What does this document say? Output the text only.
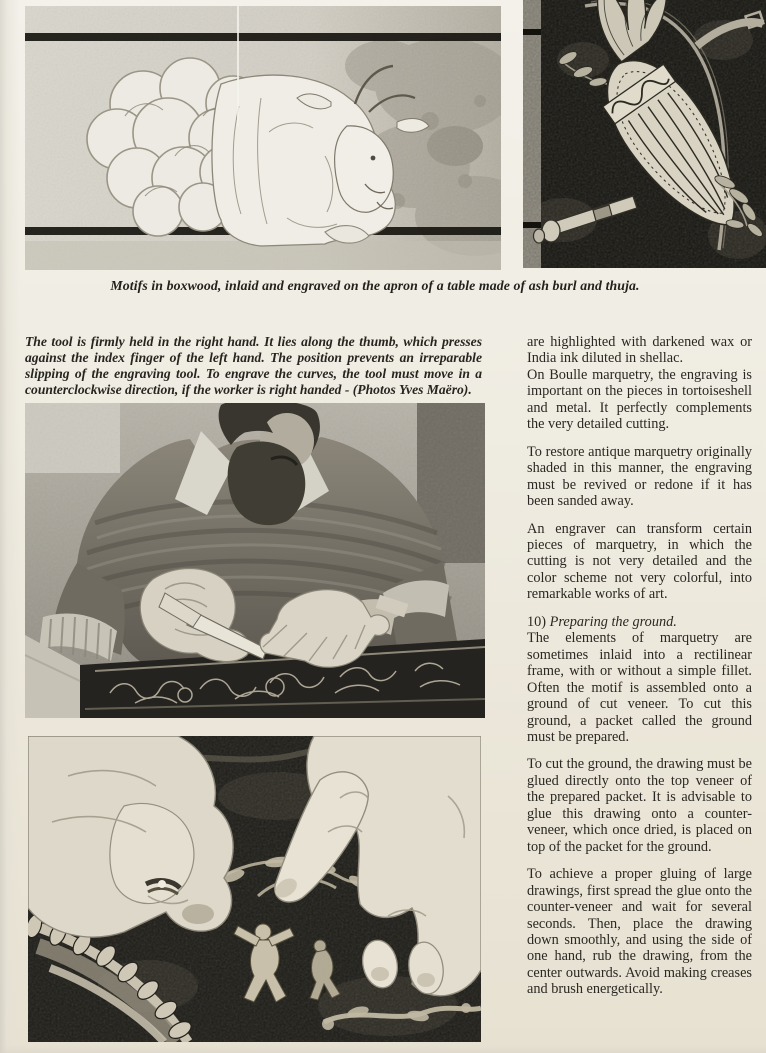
Motifs in boxwood, inlaid and engraved on the apron of a table made of ash burl and thuja.

The tool is firmly held in the right hand. It lies along the thumb, which presses against the index finger of the left hand. The position prevents an irreparable slipping of the engraving tool. To engrave the curves, the tool must move in a counterclockwise direction, if the worker is right handed - (Photos Yves Maëro).

are highlighted with darkened wax or India ink diluted in shellac.

On Boulle marquetry, the engraving is important on the pieces in tortoiseshell and metal. It perfectly complements the very detailed cutting.

To restore antique marquetry originally shaded in this manner, the engraving must be revived or redone if it has been sanded away.

An engraver can transform certain pieces of marquetry, in which the cutting is not very detailed and the color scheme not very colorful, into remarkable works of art.

10) Preparing the ground.

The elements of marquetry are sometimes inlaid into a rectilinear frame, with or without a simple fillet. Often the motif is assembled onto a ground of cut veneer. To cut this ground, a packet called the ground must be prepared.

To cut the ground, the drawing must be glued directly onto the top veneer of the prepared packet. It is advisable to glue this drawing onto a counter-veneer, which once dried, is placed on top of the packet for the ground.

To achieve a proper gluing of large drawings, first spread the glue onto the counter-veneer and wait for several seconds. Then, place the drawing down smoothly, and using the side of one hand, rub the drawing, from the center outwards. Avoid making creases and brush energetically.
